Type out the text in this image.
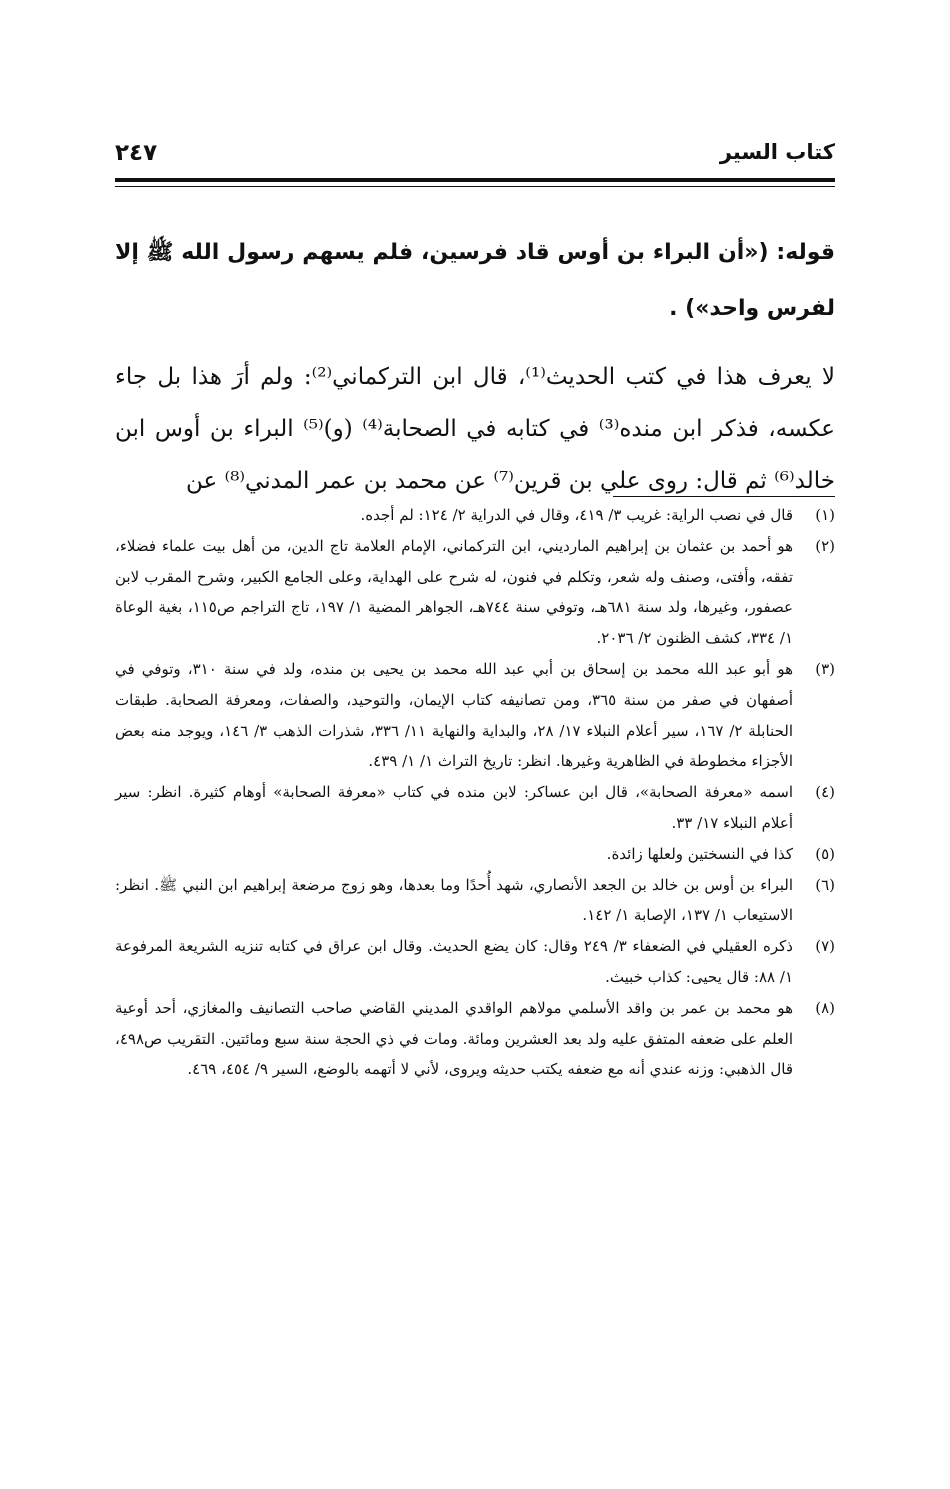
كتاب السير
٢٤٧

قوله: («أن البراء بن أوس قاد فرسين، فلم يسهم رسول الله ﷺ إلا لفرس واحد») .

لا يعرف هذا في كتب الحديث⁽¹⁾، قال ابن التركماني⁽²⁾: ولم أرَ هذا بل جاء عكسه، فذكر ابن منده⁽³⁾ في كتابه في الصحابة⁽⁴⁾ (و)⁽⁵⁾ البراء بن أوس ابن خالد⁽⁶⁾ ثم قال: روى علي بن قرين⁽⁷⁾ عن محمد بن عمر المدني⁽⁸⁾ عن

(١)
قال في نصب الراية: غريب ٣/ ٤١٩، وقال في الدراية ٢/ ١٢٤: لم أجده.
(٢)
هو أحمد بن عثمان بن إبراهيم المارديني، ابن التركماني، الإمام العلامة تاج الدين، من أهل بيت علماء فضلاء، تفقه، وأفتى، وصنف وله شعر، وتكلم في فنون، له شرح على الهداية، وعلى الجامع الكبير، وشرح المقرب لابن عصفور، وغيرها، ولد سنة ٦٨١هـ، وتوفي سنة ٧٤٤هـ، الجواهر المضية ١/ ١٩٧، تاج التراجم ص١١٥، بغية الوعاة ١/ ٣٣٤، كشف الظنون ٢/ ٢٠٣٦.
(٣)
هو أبو عبد الله محمد بن إسحاق بن أبي عبد الله محمد بن يحيى بن منده، ولد في سنة ٣١٠، وتوفي في أصفهان في صفر من سنة ٣٦٥، ومن تصانيفه كتاب الإيمان، والتوحيد، والصفات، ومعرفة الصحابة. طبقات الحنابلة ٢/ ١٦٧، سير أعلام النبلاء ١٧/ ٢٨، والبداية والنهاية ١١/ ٣٣٦، شذرات الذهب ٣/ ١٤٦، ويوجد منه بعض الأجزاء مخطوطة في الظاهرية وغيرها. انظر: تاريخ التراث ١/ ١/ ٤٣٩.
(٤)
اسمه «معرفة الصحابة»، قال ابن عساكر: لابن منده في كتاب «معرفة الصحابة» أوهام كثيرة. انظر: سير أعلام النبلاء ١٧/ ٣٣.
(٥)
كذا في النسختين ولعلها زائدة.
(٦)
البراء بن أوس بن خالد بن الجعد الأنصاري، شهد أُحدًا وما بعدها، وهو زوج مرضعة إبراهيم ابن النبي ﷺ. انظر: الاستيعاب ١/ ١٣٧، الإصابة ١/ ١٤٢.
(٧)
ذكره العقيلي في الضعفاء ٣/ ٢٤٩ وقال: كان يضع الحديث. وقال ابن عراق في كتابه تنزيه الشريعة المرفوعة ١/ ٨٨: قال يحيى: كذاب خبيث.
(٨)
هو محمد بن عمر بن واقد الأسلمي مولاهم الواقدي المديني القاضي صاحب التصانيف والمغازي، أحد أوعية العلم على ضعفه المتفق عليه ولد بعد العشرين ومائة. ومات في ذي الحجة سنة سبع ومائتين. التقريب ص٤٩٨، قال الذهبي: وزنه عندي أنه مع ضعفه يكتب حديثه ويروى، لأني لا أتهمه بالوضع، السير ٩/ ٤٥٤، ٤٦٩.
